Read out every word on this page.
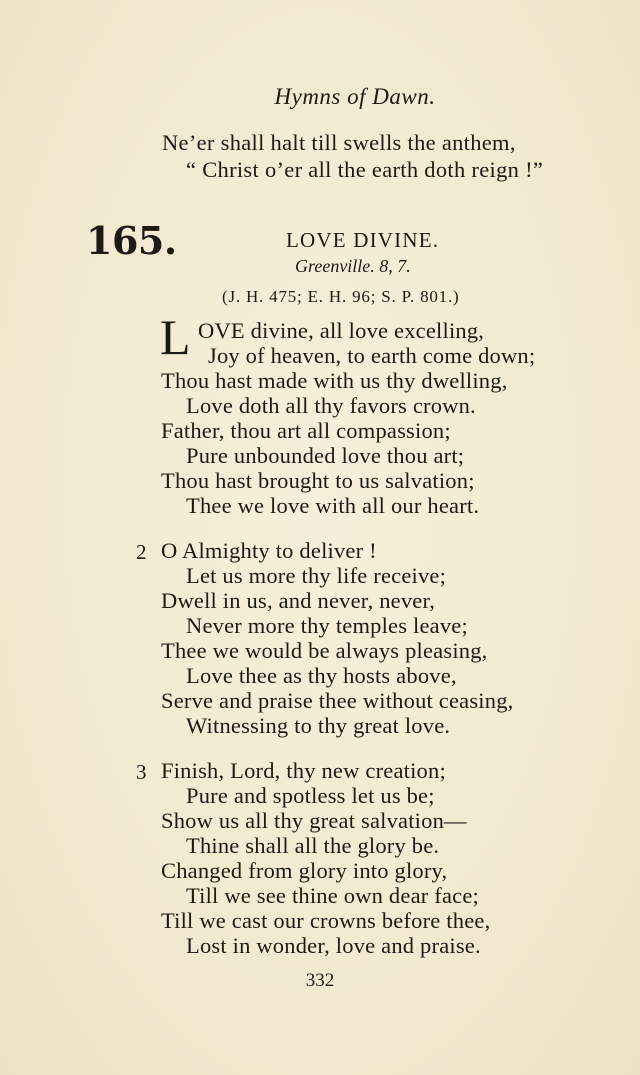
Hymns of Dawn.
Ne’er shall halt till swells the anthem,
“ Christ o’er all the earth doth reign !”
165.	LOVE DIVINE.
Greenville. 8, 7.
(J. H. 475; E. H. 96; S. P. 801.)
L OVE divine, all love excelling,
Joy of heaven, to earth come down;
Thou hast made with us thy dwelling,
Love doth all thy favors crown.
Father, thou art all compassion;
Pure unbounded love thou art;
Thou hast brought to us salvation;
Thee we love with all our heart.
2 O Almighty to deliver !
Let us more thy life receive;
Dwell in us, and never, never,
Never more thy temples leave;
Thee we would be always pleasing,
Love thee as thy hosts above,
Serve and praise thee without ceasing,
Witnessing to thy great love.
3 Finish, Lord, thy new creation;
Pure and spotless let us be;
Show us all thy great salvation—
Thine shall all the glory be.
Changed from glory into glory,
Till we see thine own dear face;
Till we cast our crowns before thee,
Lost in wonder, love and praise.
332
